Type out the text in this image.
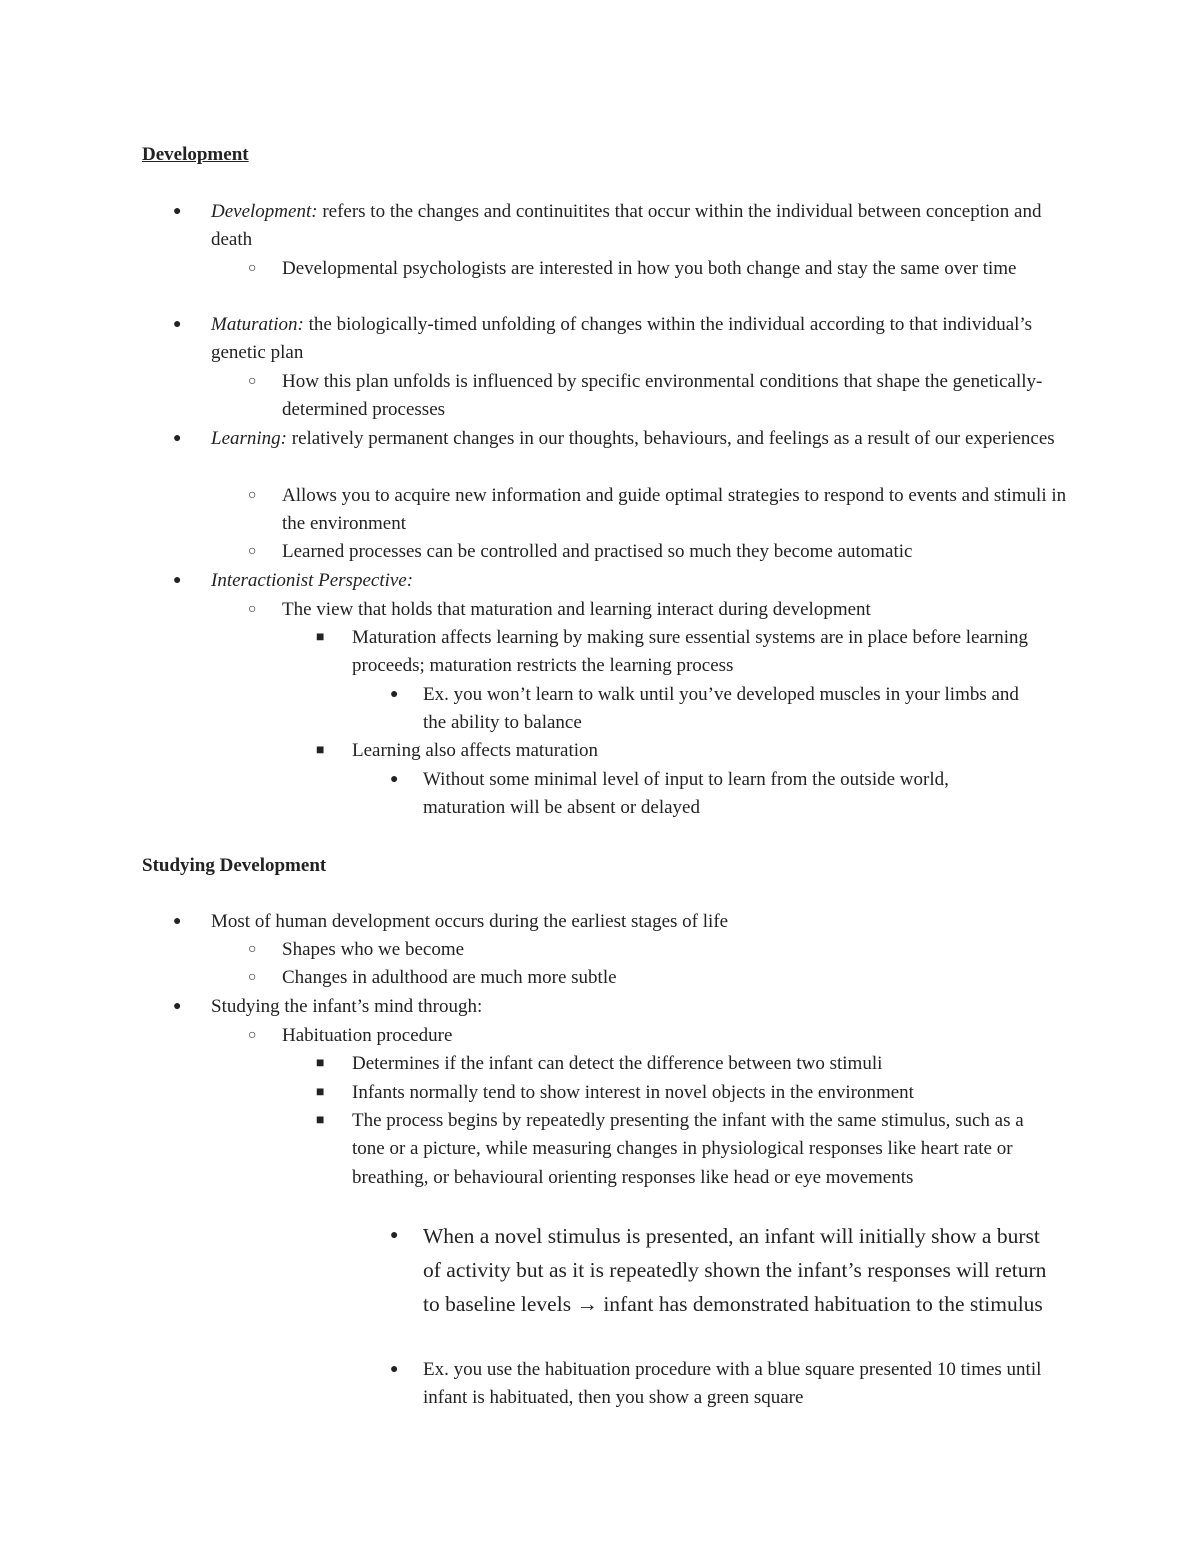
Development

● Development: refers to the changes and continuitites that occur within the individual between conception and death
○ Developmental psychologists are interested in how you both change and stay the same over time
● Maturation: the biologically-timed unfolding of changes within the individual according to that individual’s genetic plan
○ How this plan unfolds is influenced by specific environmental conditions that shape the genetically-determined processes
● Learning: relatively permanent changes in our thoughts, behaviours, and feelings as a result of our experiences
○ Allows you to acquire new information and guide optimal strategies to respond to events and stimuli in the environment
○ Learned processes can be controlled and practised so much they become automatic
● Interactionist Perspective:
○ The view that holds that maturation and learning interact during development
■ Maturation affects learning by making sure essential systems are in place before learning proceeds; maturation restricts the learning process
● Ex. you won’t learn to walk until you’ve developed muscles in your limbs and the ability to balance
■ Learning also affects maturation
● Without some minimal level of input to learn from the outside world, maturation will be absent or delayed

Studying Development

● Most of human development occurs during the earliest stages of life
○ Shapes who we become
○ Changes in adulthood are much more subtle
● Studying the infant’s mind through:
○ Habituation procedure
■ Determines if the infant can detect the difference between two stimuli
■ Infants normally tend to show interest in novel objects in the environment
■ The process begins by repeatedly presenting the infant with the same stimulus, such as a tone or a picture, while measuring changes in physiological responses like heart rate or breathing, or behavioural orienting responses like head or eye movements
● When a novel stimulus is presented, an infant will initially show a burst of activity but as it is repeatedly shown the infant’s responses will return to baseline levels → infant has demonstrated habituation to the stimulus
● Ex. you use the habituation procedure with a blue square presented 10 times until infant is habituated, then you show a green square
